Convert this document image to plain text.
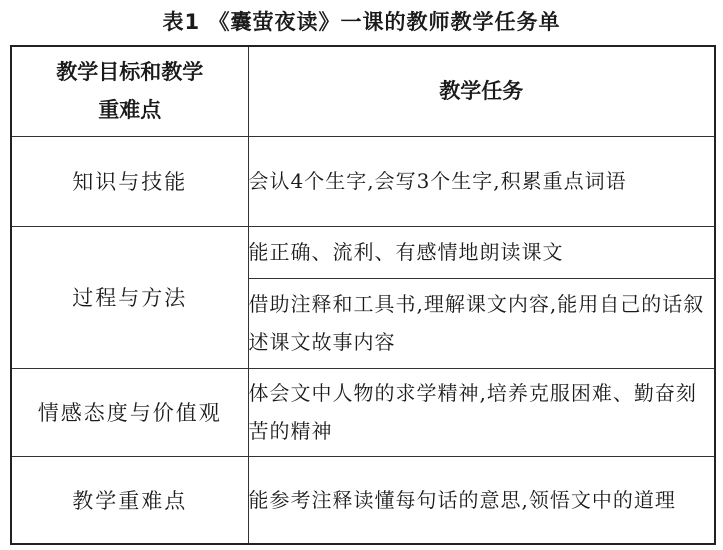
表1 《囊萤夜读》一课的教师教学任务单
教学目标和教学
重难点	教学任务
知识与技能	会认4个生字,会写3个生字,积累重点词语
过程与方法	能正确、流利、有感情地朗读课文
	借助注释和工具书,理解课文内容,能用自己的话叙述课文故事内容
情感态度与价值观	体会文中人物的求学精神,培养克服困难、勤奋刻苦的精神
教学重难点	能参考注释读懂每句话的意思,领悟文中的道理
